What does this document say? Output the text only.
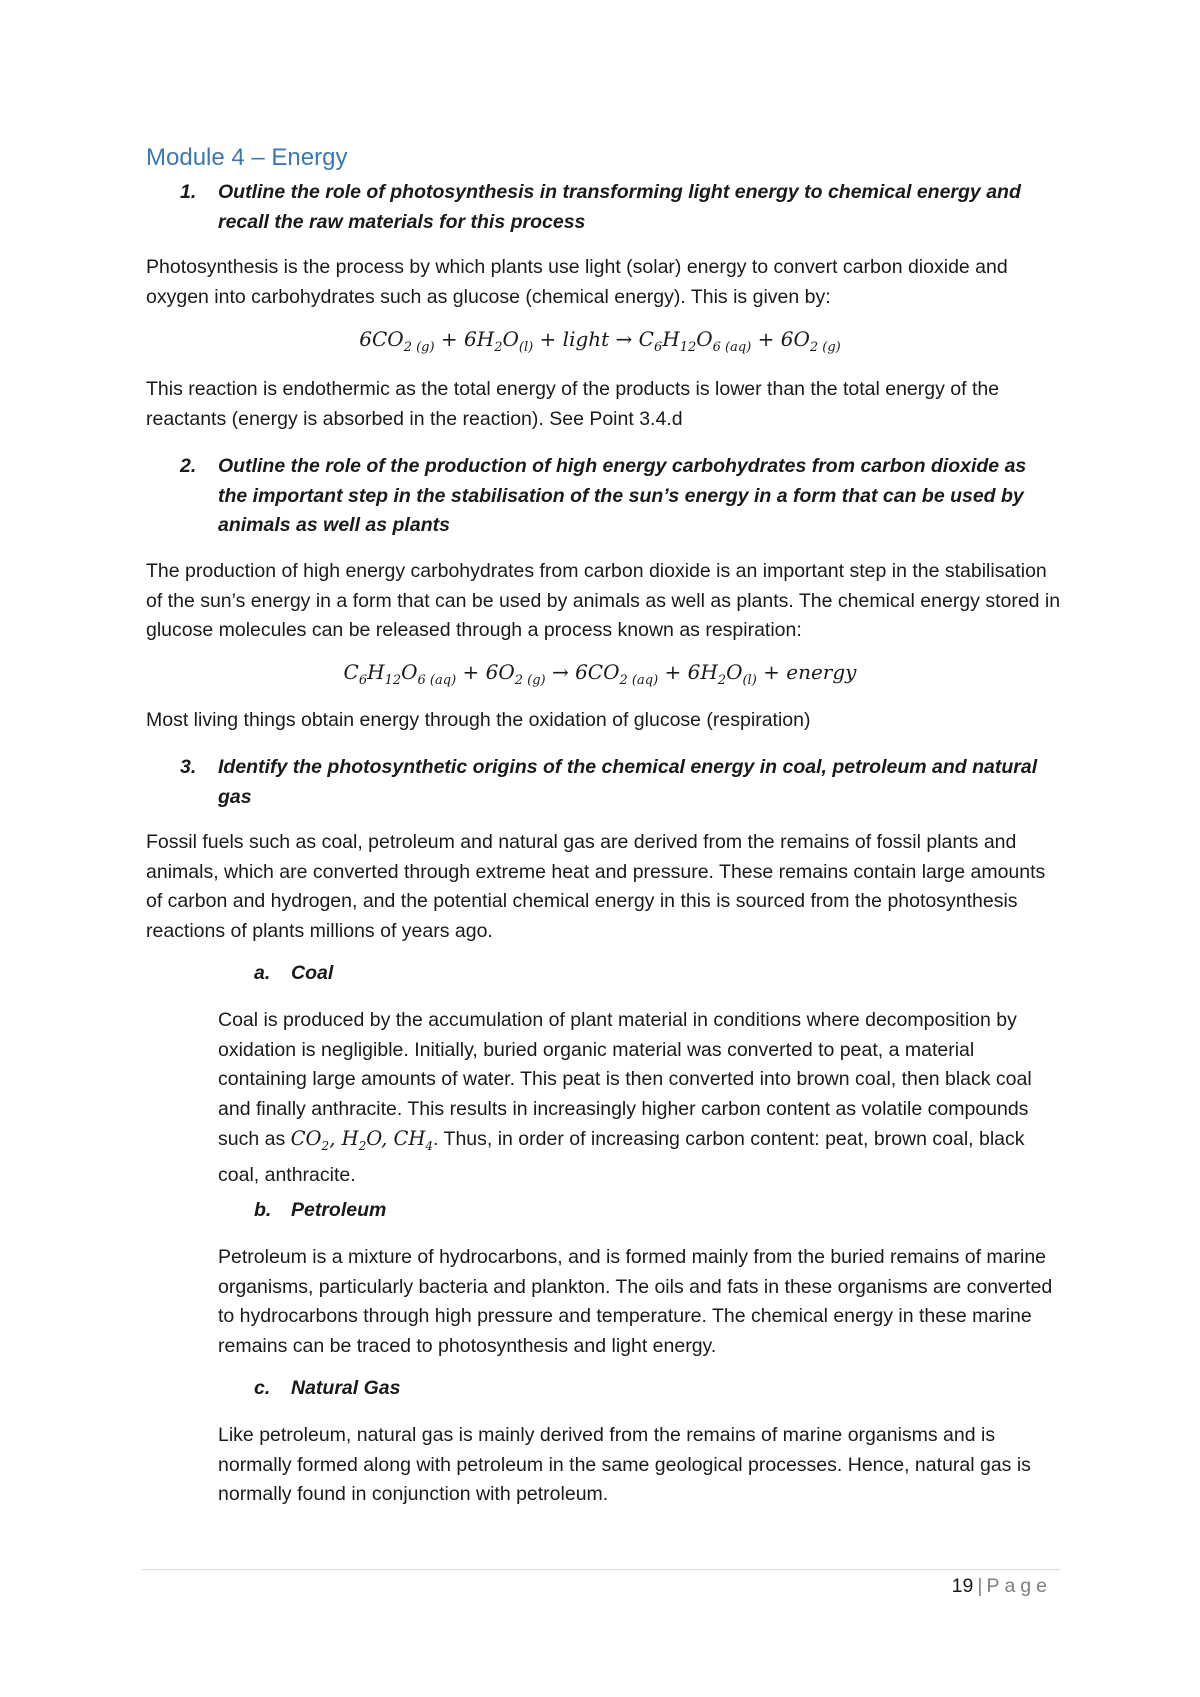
Module 4 – Energy
1. Outline the role of photosynthesis in transforming light energy to chemical energy and recall the raw materials for this process
Photosynthesis is the process by which plants use light (solar) energy to convert carbon dioxide and oxygen into carbohydrates such as glucose (chemical energy). This is given by:
$6CO_{2 (g)} + 6H_2O_{(l)}$ + light → $C_6H_{12}O_{6 (aq)} + 6O_{2 (g)}$
This reaction is endothermic as the total energy of the products is lower than the total energy of the reactants (energy is absorbed in the reaction). See Point 3.4.d
2. Outline the role of the production of high energy carbohydrates from carbon dioxide as the important step in the stabilisation of the sun’s energy in a form that can be used by animals as well as plants
The production of high energy carbohydrates from carbon dioxide is an important step in the stabilisation of the sun’s energy in a form that can be used by animals as well as plants. The chemical energy stored in glucose molecules can be released through a process known as respiration:
$C_6H_{12}O_{6 (aq)} + 6O_{2 (g)} \to 6CO_{2 (aq)} + 6H_2O_{(l)}$ + energy
Most living things obtain energy through the oxidation of glucose (respiration)
3. Identify the photosynthetic origins of the chemical energy in coal, petroleum and natural gas
Fossil fuels such as coal, petroleum and natural gas are derived from the remains of fossil plants and animals, which are converted through extreme heat and pressure. These remains contain large amounts of carbon and hydrogen, and the potential chemical energy in this is sourced from the photosynthesis reactions of plants millions of years ago.
a. Coal
Coal is produced by the accumulation of plant material in conditions where decomposition by oxidation is negligible. Initially, buried organic material was converted to peat, a material containing large amounts of water. This peat is then converted into brown coal, then black coal and finally anthracite. This results in increasingly higher carbon content as volatile compounds such as $CO_2$, $H_2O$, $CH_4$. Thus, in order of increasing carbon content: peat, brown coal, black coal, anthracite.
b. Petroleum
Petroleum is a mixture of hydrocarbons, and is formed mainly from the buried remains of marine organisms, particularly bacteria and plankton. The oils and fats in these organisms are converted to hydrocarbons through high pressure and temperature. The chemical energy in these marine remains can be traced to photosynthesis and light energy.
c. Natural Gas
Like petroleum, natural gas is mainly derived from the remains of marine organisms and is normally formed along with petroleum in the same geological processes. Hence, natural gas is normally found in conjunction with petroleum.
19 | Page
